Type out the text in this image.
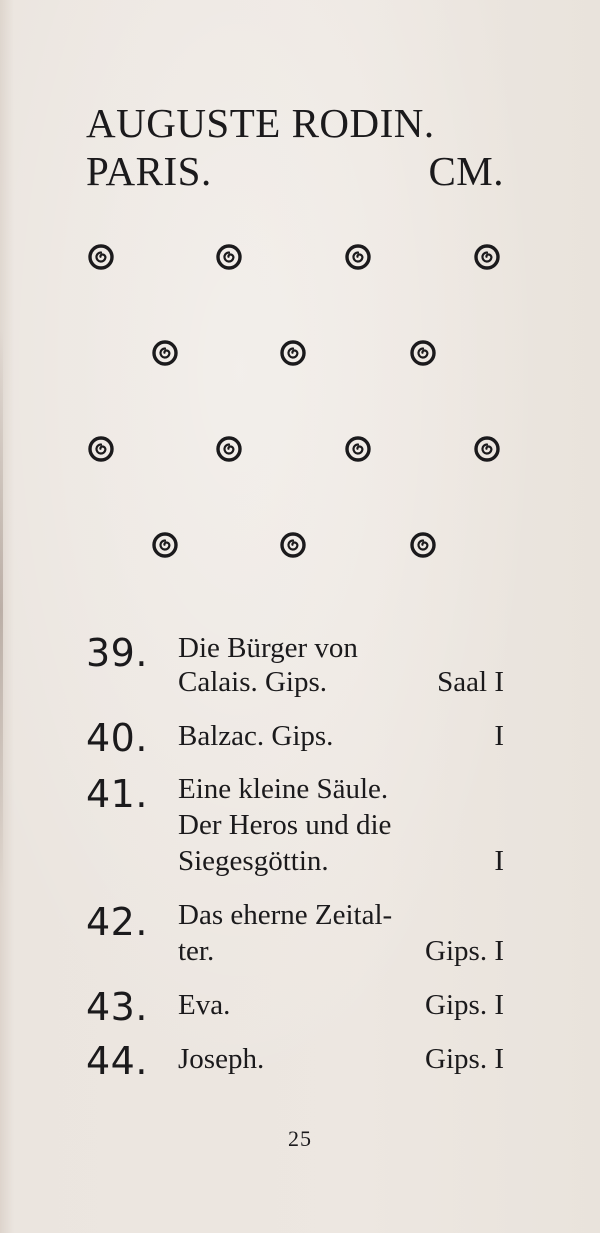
AUGUSTE RODIN.
PARIS.	CM.
39. Die Bürger von
Calais. Gips.	Saal I
40. Balzac. Gips.	I
41. Eine kleine Säule.
Der Heros und die
Siegesgöttin.	I
42. Das eherne Zeital-
ter.	Gips. I
43. Eva.	Gips. I
44. Joseph.	Gips. I
25
